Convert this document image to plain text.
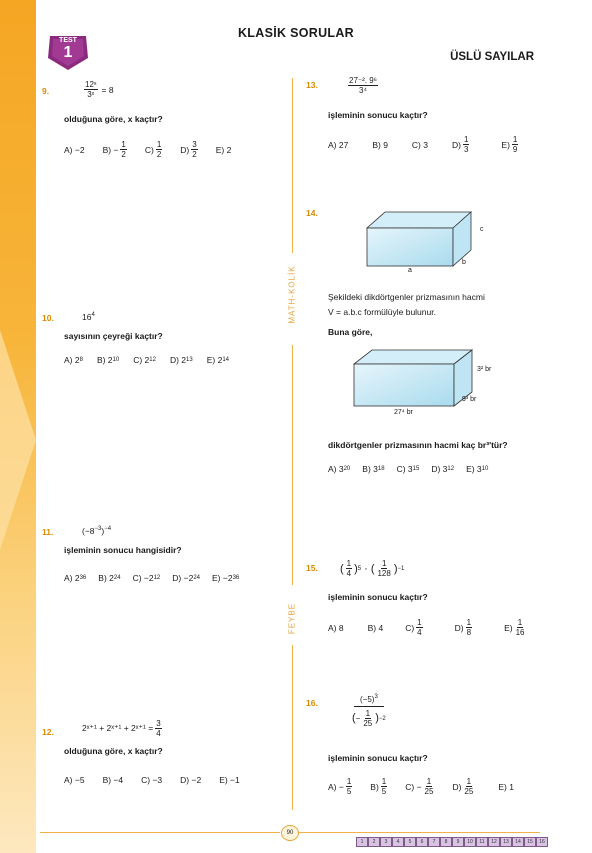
TEST
1
KLASİK SORULAR
ÜSLÜ SAYILAR
MATH-KOLİK
FEYBE
9.	$\frac{\text{12ˣ}}{\text{3ˣ}} = 8$
olduğuna göre, x kaçtır?
A) −2 $B) - \frac{1}{2} C) \frac{1}{2} D) \frac{3}{2} E$) 2
10.	$16^4$
sayısının çeyreği kaçtır?
A) 2 8 B) 2 10 C) 2 12 D) 2 13 E) 2 14
11.	$(-8^{-3})^{-4}$
işleminin sonucu hangisidir?
A) 2 36 B) 2 24 C) −2 12 D) −2 24 E) −2 36
12.	2ˣ⁺¹ + 2ˣ⁺¹ + 2ˣ⁺¹ = $\frac{3}{4}$
olduğuna göre, x kaçtır?
A) −5 B) −4 C) −3 D) −2 E) −1
13.	$\frac{\text{27⁻². 9⁶}}{\text{3⁴}}$
işleminin sonucu kaçtır?
A) 27	B) 9	C) 3	$D) \frac{1}{3}$	$E) \frac{1}{9}$
14.
c
b
a
Şekildeki dikdörtgenler prizmasının hacmi
V = a.b.c formülüyle bulunur.
Buna göre,
3² br
9³ br
27⁴ br
dikdörtgenler prizmasının hacmi kaç br³'tür?
A) 3 20 B) 3 18 C) 3 15 D) 3 12 E) 3 10
15. ( $\frac{1}{4}$ ) 5 · ( $\frac{1}{128}$ ) −1
işleminin sonucu kaçtır?
A) 8	B) 4	$C) \frac{1}{4}$	$D) \frac{1}{8}$	$E) \frac{1}{16}$
16.	$\frac{(-5)^3}{( - \frac{1}{25} ) -2}$
işleminin sonucu kaçtır?
$A) - \frac{1}{5} B) \frac{1}{5} C) - \frac{1}{25} D) \frac{1}{25}$	E) 1
90
1	2	3	4	5	6	7	8	9	10	11	12	13	14	15	16
